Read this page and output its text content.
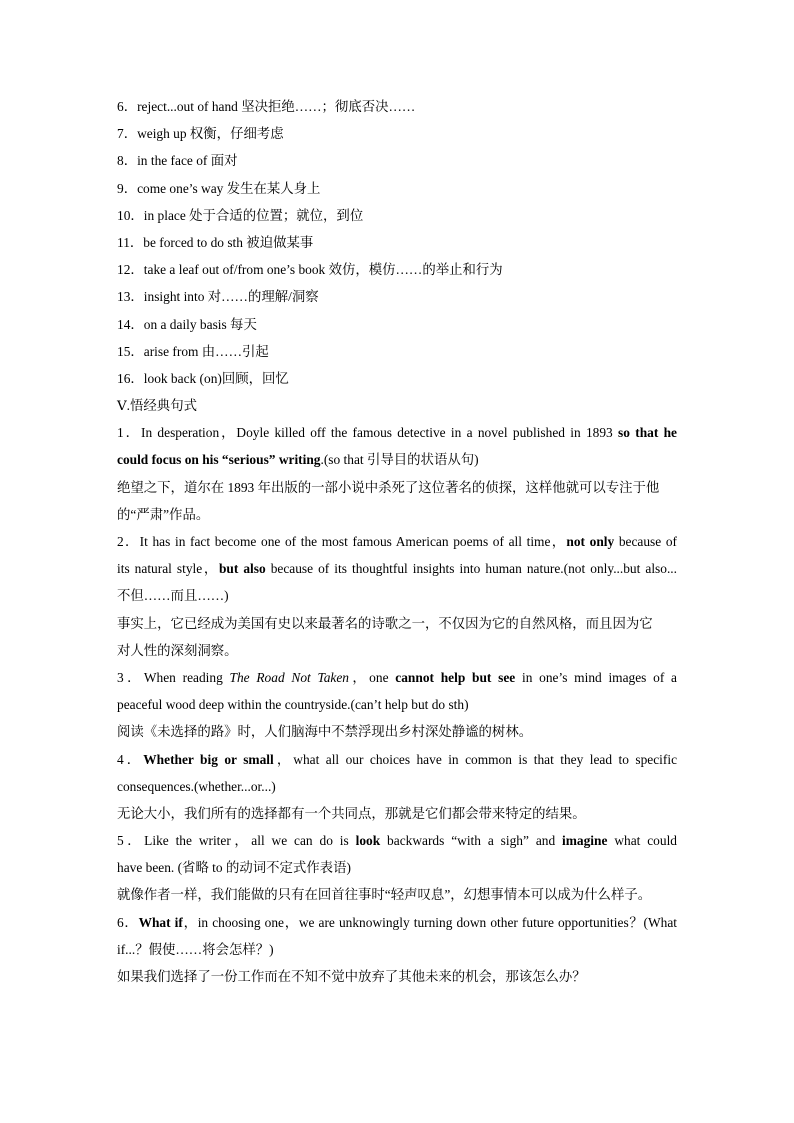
6．reject...out of hand 坚决拒绝……；彻底否决……
7．weigh up 权衡，仔细考虑
8．in the face of 面对
9．come one’s way 发生在某人身上
10．in place 处于合适的位置；就位，到位
11．be forced to do sth 被迫做某事
12．take a leaf out of/from one’s book 效仿，模仿……的举止和行为
13．insight into 对……的理解/洞察
14．on a daily basis 每天
15．arise from 由……引起
16．look back (on)回顾，回忆
Ⅴ.悟经典句式
1．In desperation，Doyle killed off the famous detective in a novel published in 1893 so that he
could focus on his “serious” writing.(so that 引导目的状语从句)
绝望之下，道尔在 1893 年出版的一部小说中杀死了这位著名的侦探，这样他就可以专注于他
的“严肃”作品。
2．It has in fact become one of the most famous American poems of all time，not only because of
its natural style，but also because of its thoughtful insights into human nature.(not only...but also...
不但……而且……)
事实上，它已经成为美国有史以来最著名的诗歌之一，不仅因为它的自然风格，而且因为它
对人性的深刻洞察。
3．When reading The Road Not Taken，one cannot help but see in one’s mind images of a
peaceful wood deep within the countryside.(can’t help but do sth)
阅读《未选择的路》时，人们脑海中不禁浮现出乡村深处静谧的树林。
4．Whether big or small，what all our choices have in common is that they lead to specific
consequences.(whether...or...)
无论大小，我们所有的选择都有一个共同点，那就是它们都会带来特定的结果。
5．Like the writer，all we can do is look backwards “with a sigh” and imagine what could
have been. (省略 to 的动词不定式作表语)
就像作者一样，我们能做的只有在回首往事时“轻声叹息”，幻想事情本可以成为什么样子。
6．What if，in choosing one，we are unknowingly turning down other future opportunities？(What
if...？假使……将会怎样？)
如果我们选择了一份工作而在不知不觉中放弃了其他未来的机会，那该怎么办？
